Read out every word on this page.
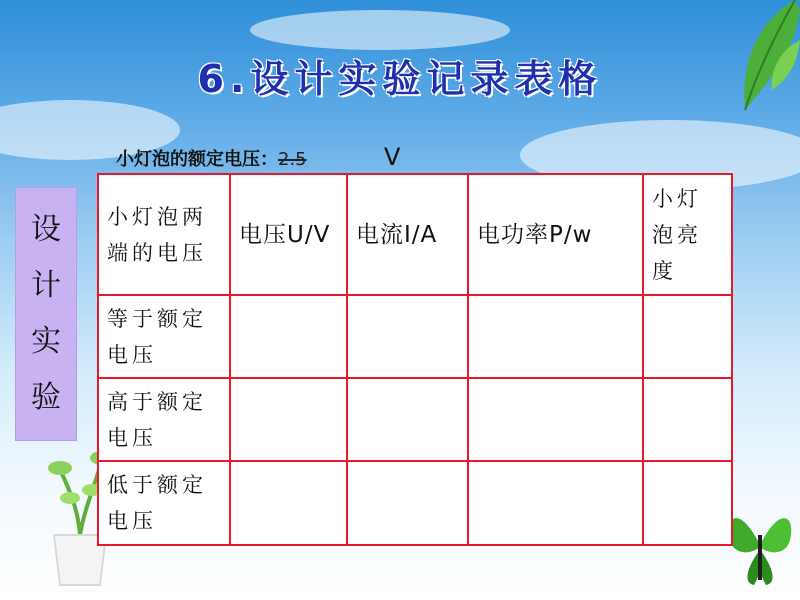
6.设计实验记录表格
小灯泡的额定电压：2.5	V
设
计
实
验
小灯泡两端的电压	电压U/V	电流I/A	电功率P/w	小灯泡亮度
等于额定电压				
高于额定电压				
低于额定电压				
